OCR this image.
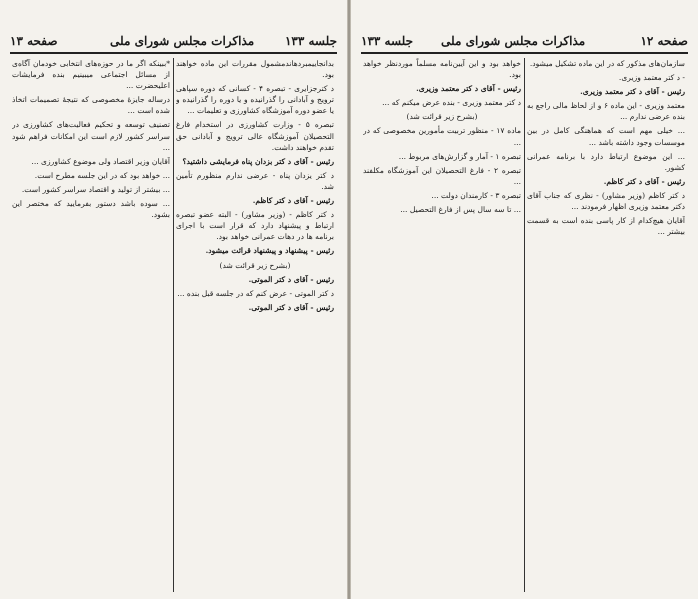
صفحه ۱۳	مذاکرات مجلس شورای ملی	جلسه ۱۳۳

*ببینکه اگر ما در حوزه‌های انتخابی خودمان آگاه‌ی از مسائل اجتماعی میبینیم بنده فرمایشات اعلیحضرت ...

درساله جایزهٔ مخصوصی که نتیجهٔ تصمیمات اتخاذ شده است ...

تصنیف توسعه و تحکیم فعالیت‌های کشاورزی در سراسر کشور لازم است این امکانات فراهم شود ...

آقایان وزیر اقتصاد ولی موضوع کشاورزی ...

... خواهد بود که در این جلسه مطرح است.

... بیشتر از تولید و اقتصاد سراسر کشور است.

... سوده باشد دستور بفرمایید که مختصر این بشود.

بدانجاییمبردهاندمشمول مقررات این ماده خواهند بود.

د کترجزایری - تبصره ۴ - کسانی که دوره سپاهی ترویج و آبادانی را گذرانیده و یا دوره را گذرانیده و یا عضو دوره آموزشگاه کشاورزی و تعلیمات ...

تبصره ۵ - وزارت کشاورزی در استخدام فارغ التحصیلان آموزشگاه عالی ترویج و آبادانی حق تقدم خواهند داشت.

رئیس - آقای د کتر بزدان پناه فرمایشی داشتید؟

د کتر یزدان پناه - عرضی ندارم منظورم تأمین شد.

رئیس - آقای د کتر کاظم.

د کتر کاظم - (وزیر مشاور) - البته عضو تبصره ارتباط و پیشنهاد دارد که قرار است با اجرای برنامه ها در دهات عمرانی خواهد بود.

رئیس - پیشنهاد و پیشنهاد قرائت میشود.

(بشرح زیر قرائت شد)

رئیس - آقای د کتر الموتی.

د کتر الموتی - عرض کنم که در جلسه قبل بنده ...

رئیس - آقای د کتر الموتی.

جلسه ۱۳۳ مذاکرات مجلس شورای ملی	صفحه ۱۲

خواهد بود و این آیین‌نامه مسلماً موردنظر خواهد بود.

رئیس - آقای د کتر معتمد وزیری.

د کتر معتمد وزیری - بنده عرض میکنم که ...

(بشرح زیر قرائت شد)

ماده ۱۷ - منظور تربیت مأمورین مخصوصی که در ...

تبصره ۱ - آمار و گزارش‌های مربوط ...

تبصره ۲ - فارغ التحصیلان این آموزشگاه مکلفند ...

تبصره ۳ - کارمندان دولت ...

... تا سه سال پس از فارغ التحصیل ...

سازمان‌های مذکور که در این ماده تشکیل میشود.

- د کتر معتمد وزیری.

رئیس - آقای د کتر معتمد وزیری.

معتمد وزیری - این ماده ۶ و از لحاظ مالی راجع به بنده عرضی ندارم ...

... خیلی مهم است که هماهنگی کامل در بین موسسات وجود داشته باشد ...

... این موضوع ارتباط دارد با برنامه عمرانی کشور.

رئیس - آقای د کتر کاظم.

د کتر کاظم (وزیر مشاور) - نظری که جناب آقای دکتر معتمد وزیری اظهار فرمودند ...

آقایان هیچ‌کدام از کار پاسی بنده است به قسمت بیشتر ...
